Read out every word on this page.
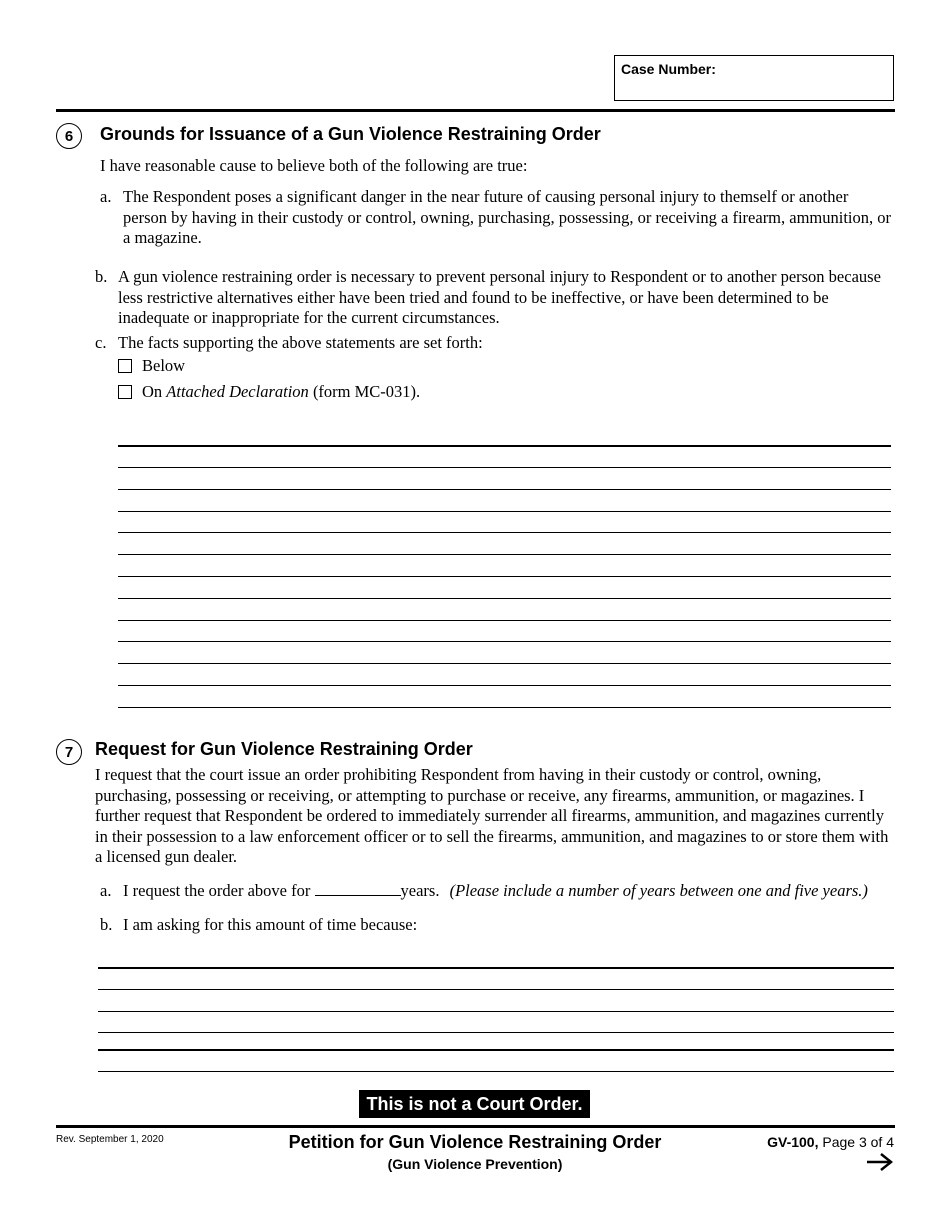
Case Number:
6 Grounds for Issuance of a Gun Violence Restraining Order
I have reasonable cause to believe both of the following are true:
a. The Respondent poses a significant danger in the near future of causing personal injury to themself or another person by having in their custody or control, owning, purchasing, possessing, or receiving a firearm, ammunition, or a magazine.
b. A gun violence restraining order is necessary to prevent personal injury to Respondent or to another person because less restrictive alternatives either have been tried and found to be ineffective, or have been determined to be inadequate or inappropriate for the current circumstances.
c. The facts supporting the above statements are set forth:
Below
On Attached Declaration (form MC-031).
7 Request for Gun Violence Restraining Order
I request that the court issue an order prohibiting Respondent from having in their custody or control, owning, purchasing, possessing or receiving, or attempting to purchase or receive, any firearms, ammunition, or magazines. I further request that Respondent be ordered to immediately surrender all firearms, ammunition, and magazines currently in their possession to a law enforcement officer or to sell the firearms, ammunition, and magazines to or store them with a licensed gun dealer.
a. I request the order above for	years. (Please include a number of years between one and five years.)
b. I am asking for this amount of time because:
This is not a Court Order.
Rev. September 1, 2020	Petition for Gun Violence Restraining Order
(Gun Violence Prevention)
GV-100, Page 3 of 4
